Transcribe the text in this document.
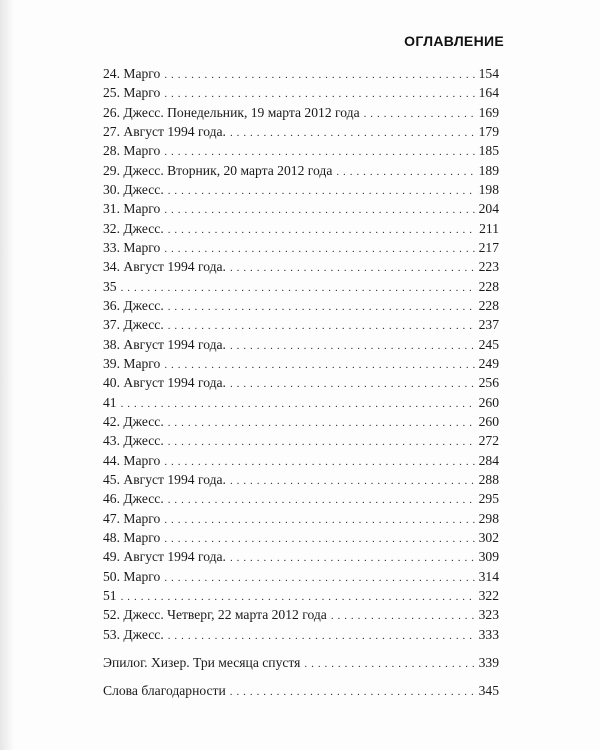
ОГЛАВЛЕНИЕ
24. Марго . . .	154
25. Марго . . .	164
26. Джесс. Понедельник, 19 марта 2012 года . . .	169
27. Август 1994 года. . . .	179
28. Марго . . .	185
29. Джесс. Вторник, 20 марта 2012 года . . .	189
30. Джесс. . . .	198
31. Марго . . .	204
32. Джесс. . . .	211
33. Марго . . .	217
34. Август 1994 года. . . .	223
35 . . .	228
36. Джесс. . . .	228
37. Джесс. . . .	237
38. Август 1994 года. . . .	245
39. Марго . . .	249
40. Август 1994 года. . . .	256
41 . . .	260
42. Джесс. . . .	260
43. Джесс. . . .	272
44. Марго . . .	284
45. Август 1994 года. . . .	288
46. Джесс. . . .	295
47. Марго . . .	298
48. Марго . . .	302
49. Август 1994 года. . . .	309
50. Марго . . .	314
51 . . .	322
52. Джесс. Четверг, 22 марта 2012 года . . .	323
53. Джесс. . . .	333
Эпилог. Хизер. Три месяца спустя . . .	339
Слова благодарности . . .	345
